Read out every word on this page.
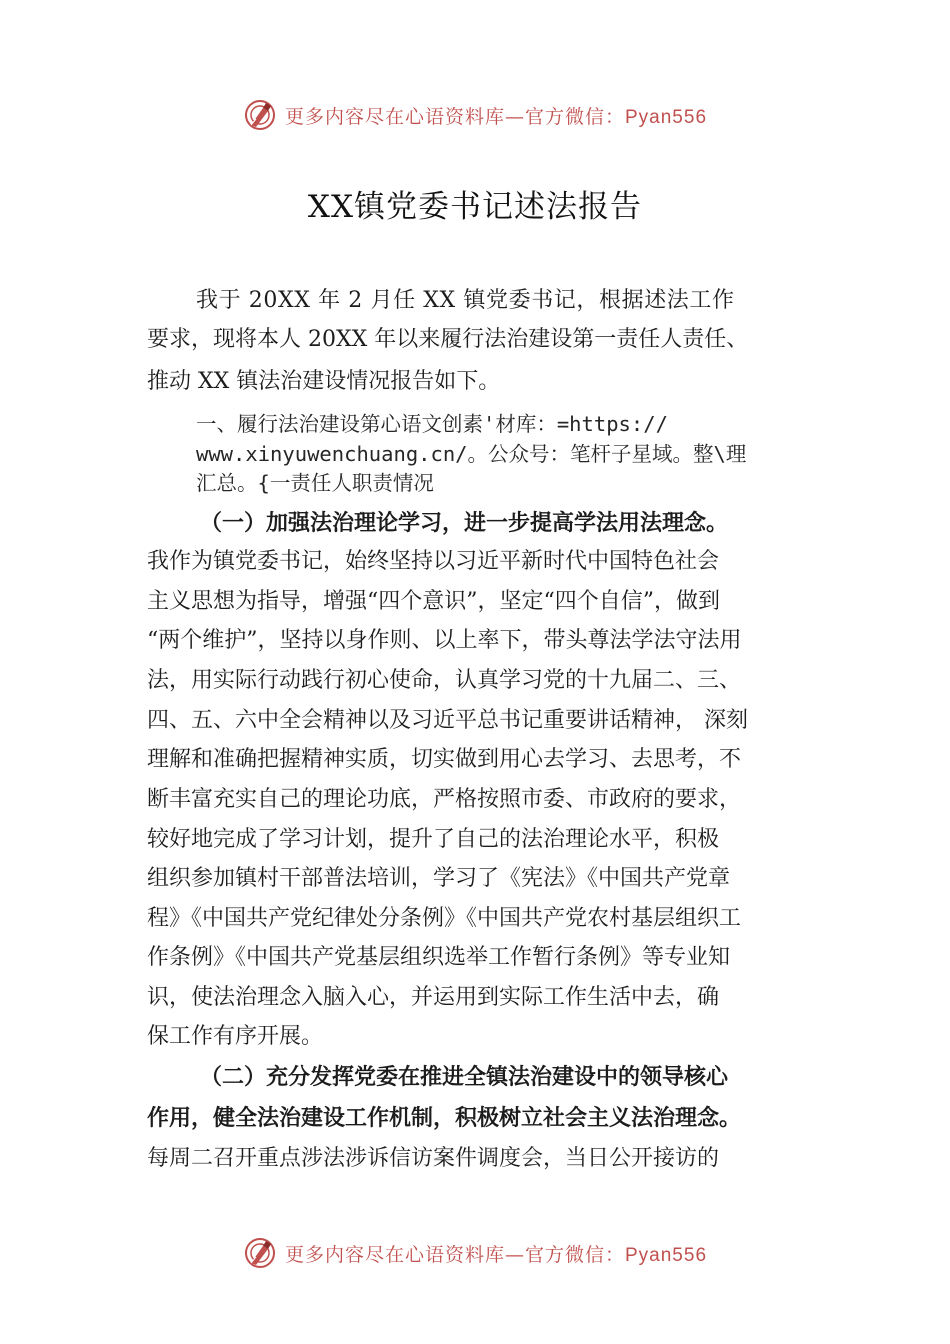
更多内容尽在心语资料库—官方微信：Pyan556
XX镇党委书记述法报告
我于 20XX 年 2 月任 XX 镇党委书记，根据述法工作
要求，现将本人 20XX 年以来履行法治建设第一责任人责任、
推动 XX 镇法治建设情况报告如下。
一、履行法治建设第心语文创素'材库：=https://
www.xinyuwenchuang.cn/。公众号：笔杆子星域。整\理
汇总。{一责任人职责情况
（一）加强法治理论学习，进一步提高学法用法理念。
我作为镇党委书记，始终坚持以习近平新时代中国特色社会
主义思想为指导，增强“四个意识”，坚定“四个自信”，做到
“两个维护”，坚持以身作则、以上率下，带头尊法学法守法用
法，用实际行动践行初心使命，认真学习党的十九届二、三、
四、五、六中全会精神以及习近平总书记重要讲话精神， 深刻
理解和准确把握精神实质，切实做到用心去学习、去思考，不
断丰富充实自己的理论功底，严格按照市委、市政府的要求，
较好地完成了学习计划，提升了自己的法治理论水平，积极
组织参加镇村干部普法培训，学习了《宪法》《中国共产党章
程》《中国共产党纪律处分条例》《中国共产党农村基层组织工
作条例》《中国共产党基层组织选举工作暂行条例》等专业知
识，使法治理念入脑入心，并运用到实际工作生活中去，确
保工作有序开展。
（二）充分发挥党委在推进全镇法治建设中的领导核心
作用，健全法治建设工作机制，积极树立社会主义法治理念。
每周二召开重点涉法涉诉信访案件调度会，当日公开接访的
更多内容尽在心语资料库—官方微信：Pyan556
